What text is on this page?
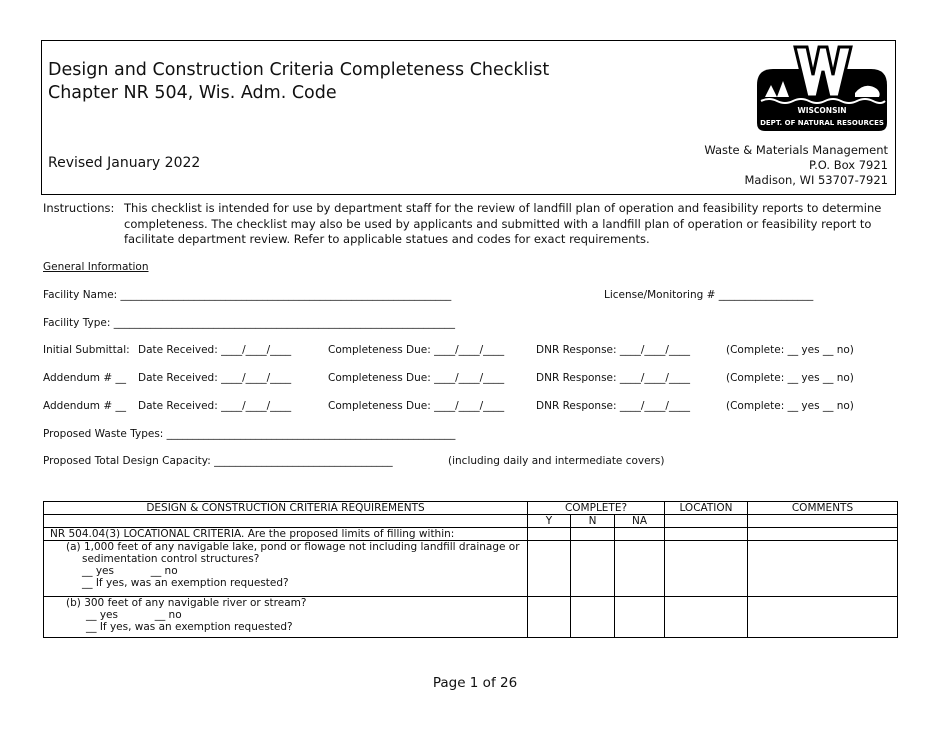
Design and Construction Criteria Completeness Checklist
Chapter NR 504, Wis. Adm. Code
Revised January 2022
WISCONSIN
DEPT. OF NATURAL RESOURCES
Waste & Materials Management
P.O. Box 7921
Madison, WI 53707-7921
Instructions: This checklist is intended for use by department staff for the review of landfill plan of operation and feasibility reports to determine
completeness. The checklist may also be used by applicants and submitted with a landfill plan of operation or feasibility report to
facilitate department review. Refer to applicable statues and codes for exact requirements.
General Information
Facility Name: _______________________________________________________________	License/Monitoring # __________________
Facility Type: _________________________________________________________________
Initial Submittal: Date Received: ____/____/____	Completeness Due: ____/____/____	DNR Response: ____/____/____	(Complete: __ yes __ no)
Addendum # __ Date Received: ____/____/____	Completeness Due: ____/____/____	DNR Response: ____/____/____	(Complete: __ yes __ no)
Addendum # __ Date Received: ____/____/____	Completeness Due: ____/____/____	DNR Response: ____/____/____	(Complete: __ yes __ no)
Proposed Waste Types: _______________________________________________________
Proposed Total Design Capacity: __________________________________	(including daily and intermediate covers)
DESIGN & CONSTRUCTION CRITERIA REQUIREMENTS	COMPLETE?			LOCATION	COMMENTS
	Y	N	NA		
NR 504.04(3) LOCATIONAL CRITERIA. Are the proposed limits of filling within:					

(a) 1,000 feet of any navigable lake, pond or flowage not including landfill drainage or
sedimentation control structures?
__ yes           __ no
__ If yes, was an exemption requested?					

(b) 300 feet of any navigable river or stream?
__ yes           __ no
__ If yes, was an exemption requested?					

Page 1 of 26
